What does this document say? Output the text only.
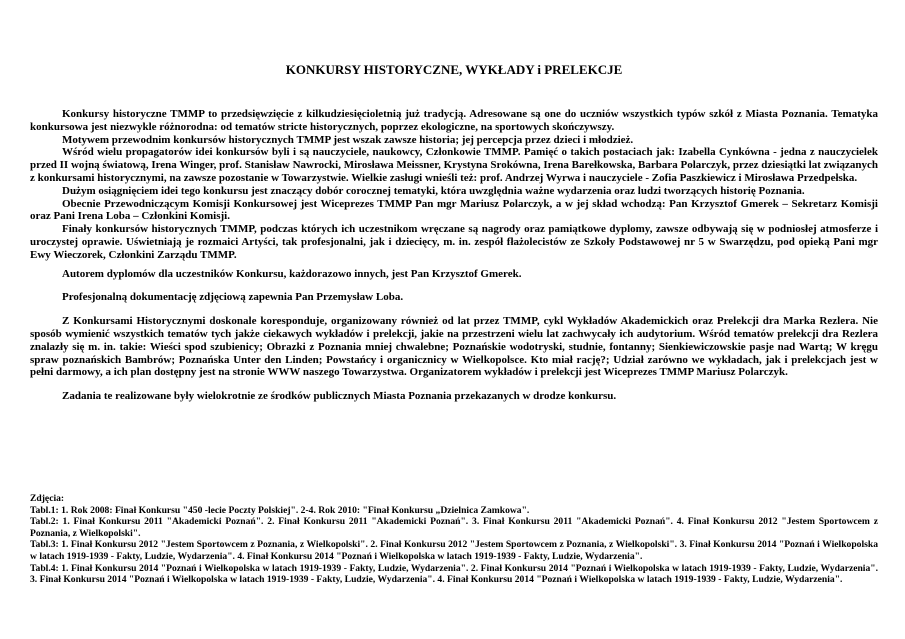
KONKURSY HISTORYCZNE, WYKŁADY i PRELEKCJE

Konkursy historyczne TMMP to przedsięwzięcie z kilkudziesięcioletnią już tradycją. Adresowane są one do uczniów wszystkich typów szkół z Miasta Poznania. Tematyka konkursowa jest niezwykle różnorodna: od tematów stricte historycznych, poprzez ekologiczne, na sportowych skończywszy.

Motywem przewodnim konkursów historycznych TMMP jest wszak zawsze historia; jej percepcja przez dzieci i młodzież.

Wśród wielu propagatorów idei konkursów byli i są nauczyciele, naukowcy, Członkowie TMMP. Pamięć o takich postaciach jak: Izabella Cynkówna - jedna z nauczycielek przed II wojną światową, Irena Winger, prof. Stanisław Nawrocki, Mirosława Meissner, Krystyna Srokówna, Irena Barełkowska, Barbara Polarczyk, przez dziesiątki lat związanych z konkursami historycznymi, na zawsze pozostanie w Towarzystwie. Wielkie zasługi wnieśli też: prof. Andrzej Wyrwa i nauczyciele - Zofia Paszkiewicz i Mirosława Przedpełska.

Dużym osiągnięciem idei tego konkursu jest znaczący dobór corocznej tematyki, która uwzględnia ważne wydarzenia oraz ludzi tworzących historię Poznania.

Obecnie Przewodniczącym Komisji Konkursowej jest Wiceprezes TMMP Pan mgr Mariusz Polarczyk, a w jej skład wchodzą: Pan Krzysztof Gmerek – Sekretarz Komisji oraz Pani Irena Loba – Członkini Komisji.

Finały konkursów historycznych TMMP, podczas których ich uczestnikom wręczane są nagrody oraz pamiątkowe dyplomy, zawsze odbywają się w podniosłej atmosferze i uroczystej oprawie. Uświetniają je rozmaici Artyści, tak profesjonalni, jak i dziecięcy, m. in. zespół fłażolecistów ze Szkoły Podstawowej nr 5 w Swarzędzu, pod opieką Pani mgr Ewy Wieczorek, Członkini Zarządu TMMP.

Autorem dyplomów dla uczestników Konkursu, każdorazowo innych, jest Pan Krzysztof Gmerek.

Profesjonalną dokumentację zdjęciową zapewnia Pan Przemysław Loba.

Z Konkursami Historycznymi doskonale koresponduje, organizowany również od lat przez TMMP, cykl Wykładów Akademickich oraz Prelekcji dra Marka Rezlera. Nie sposób wymienić wszystkich tematów tych jakże ciekawych wykładów i prelekcji, jakie na przestrzeni wielu lat zachwycały ich audytorium. Wśród tematów prelekcji dra Rezlera znalazły się m. in. takie: Wieści spod szubienicy; Obrazki z Poznania mniej chwalebne; Poznańskie wodotryski, studnie, fontanny; Sienkiewiczowskie pasje nad Wartą; W kręgu spraw poznańskich Bambrów; Poznańska Unter den Linden; Powstańcy i organicznicy w Wielkopolsce. Kto miał rację?; Udział zarówno we wykładach, jak i prelekcjach jest w pełni darmowy, a ich plan dostępny jest na stronie WWW naszego Towarzystwa. Organizatorem wykładów i prelekcji jest Wiceprezes TMMP Mariusz Polarczyk.

Zadania te realizowane były wielokrotnie ze środków publicznych Miasta Poznania przekazanych w drodze konkursu.

Zdjęcia:

Tabl.1: 1. Rok 2008: Finał Konkursu "450 -lecie Poczty Polskiej". 2-4. Rok 2010: "Finał Konkursu „Dzielnica Zamkowa".

Tabl.2: 1. Finał Konkursu 2011 "Akademicki Poznań". 2. Finał Konkursu 2011 "Akademicki Poznań". 3. Finał Konkursu 2011 "Akademicki Poznań". 4. Finał Konkursu 2012 "Jestem Sportowcem z Poznania, z Wielkopolski".

Tabl.3: 1. Finał Konkursu 2012 "Jestem Sportowcem z Poznania, z Wielkopolski". 2. Finał Konkursu 2012 "Jestem Sportowcem z Poznania, z Wielkopolski". 3. Finał Konkursu 2014 "Poznań i Wielkopolska w latach 1919-1939 - Fakty, Ludzie, Wydarzenia". 4. Finał Konkursu 2014 "Poznań i Wielkopolska w latach 1919-1939 - Fakty, Ludzie, Wydarzenia".

Tabl.4: 1. Finał Konkursu 2014 "Poznań i Wielkopolska w latach 1919-1939 - Fakty, Ludzie, Wydarzenia". 2. Finał Konkursu 2014 "Poznań i Wielkopolska w latach 1919-1939 - Fakty, Ludzie, Wydarzenia". 3. Finał Konkursu 2014 "Poznań i Wielkopolska w latach 1919-1939 - Fakty, Ludzie, Wydarzenia". 4. Finał Konkursu 2014 "Poznań i Wielkopolska w latach 1919-1939 - Fakty, Ludzie, Wydarzenia".
